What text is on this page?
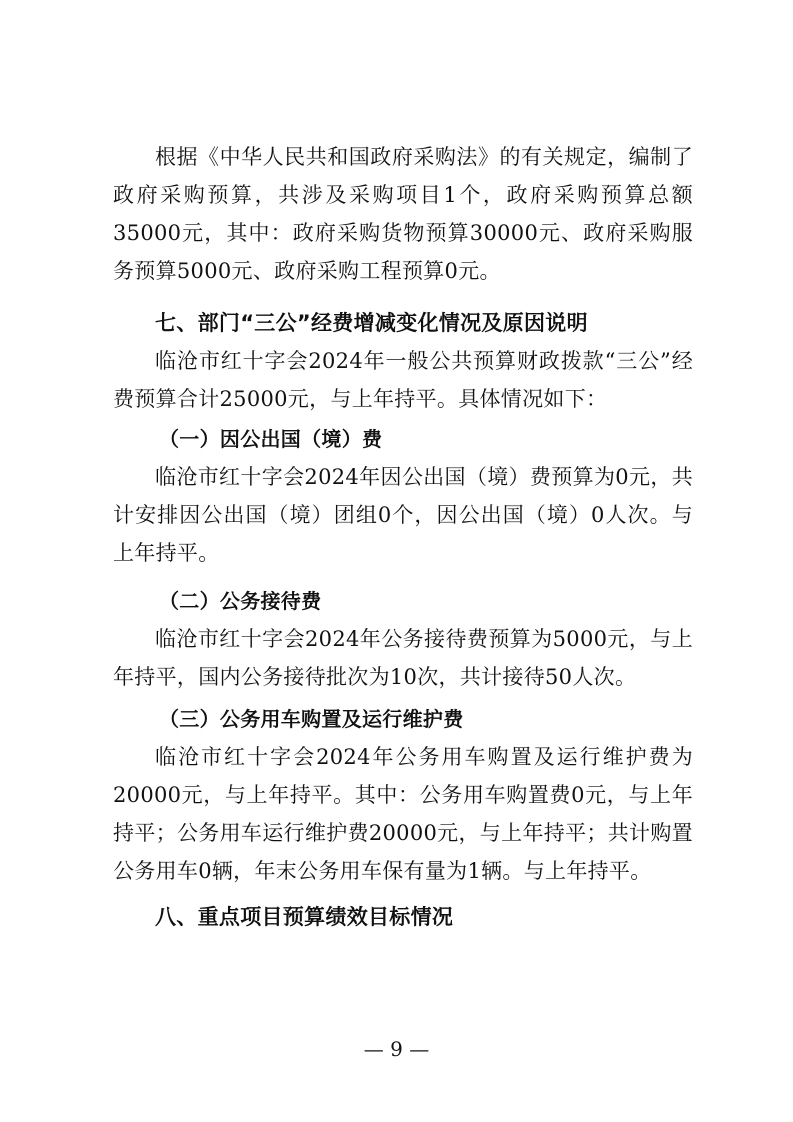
根据《中华人民共和国政府采购法》的有关规定，编制了政府采购预算，共涉及采购项目1个，政府采购预算总额35000元，其中：政府采购货物预算30000元、政府采购服务预算5000元、政府采购工程预算0元。

七、部门“三公”经费增减变化情况及原因说明

临沧市红十字会2024年一般公共预算财政拨款“三公”经费预算合计25000元，与上年持平。具体情况如下：

（一）因公出国（境）费

临沧市红十字会2024年因公出国（境）费预算为0元，共计安排因公出国（境）团组0个，因公出国（境）0人次。与上年持平。

（二）公务接待费

临沧市红十字会2024年公务接待费预算为5000元，与上年持平，国内公务接待批次为10次，共计接待50人次。

（三）公务用车购置及运行维护费

临沧市红十字会2024年公务用车购置及运行维护费为20000元，与上年持平。其中：公务用车购置费0元，与上年持平；公务用车运行维护费20000元，与上年持平；共计购置公务用车0辆，年末公务用车保有量为1辆。与上年持平。

八、重点项目预算绩效目标情况

— 9 —
